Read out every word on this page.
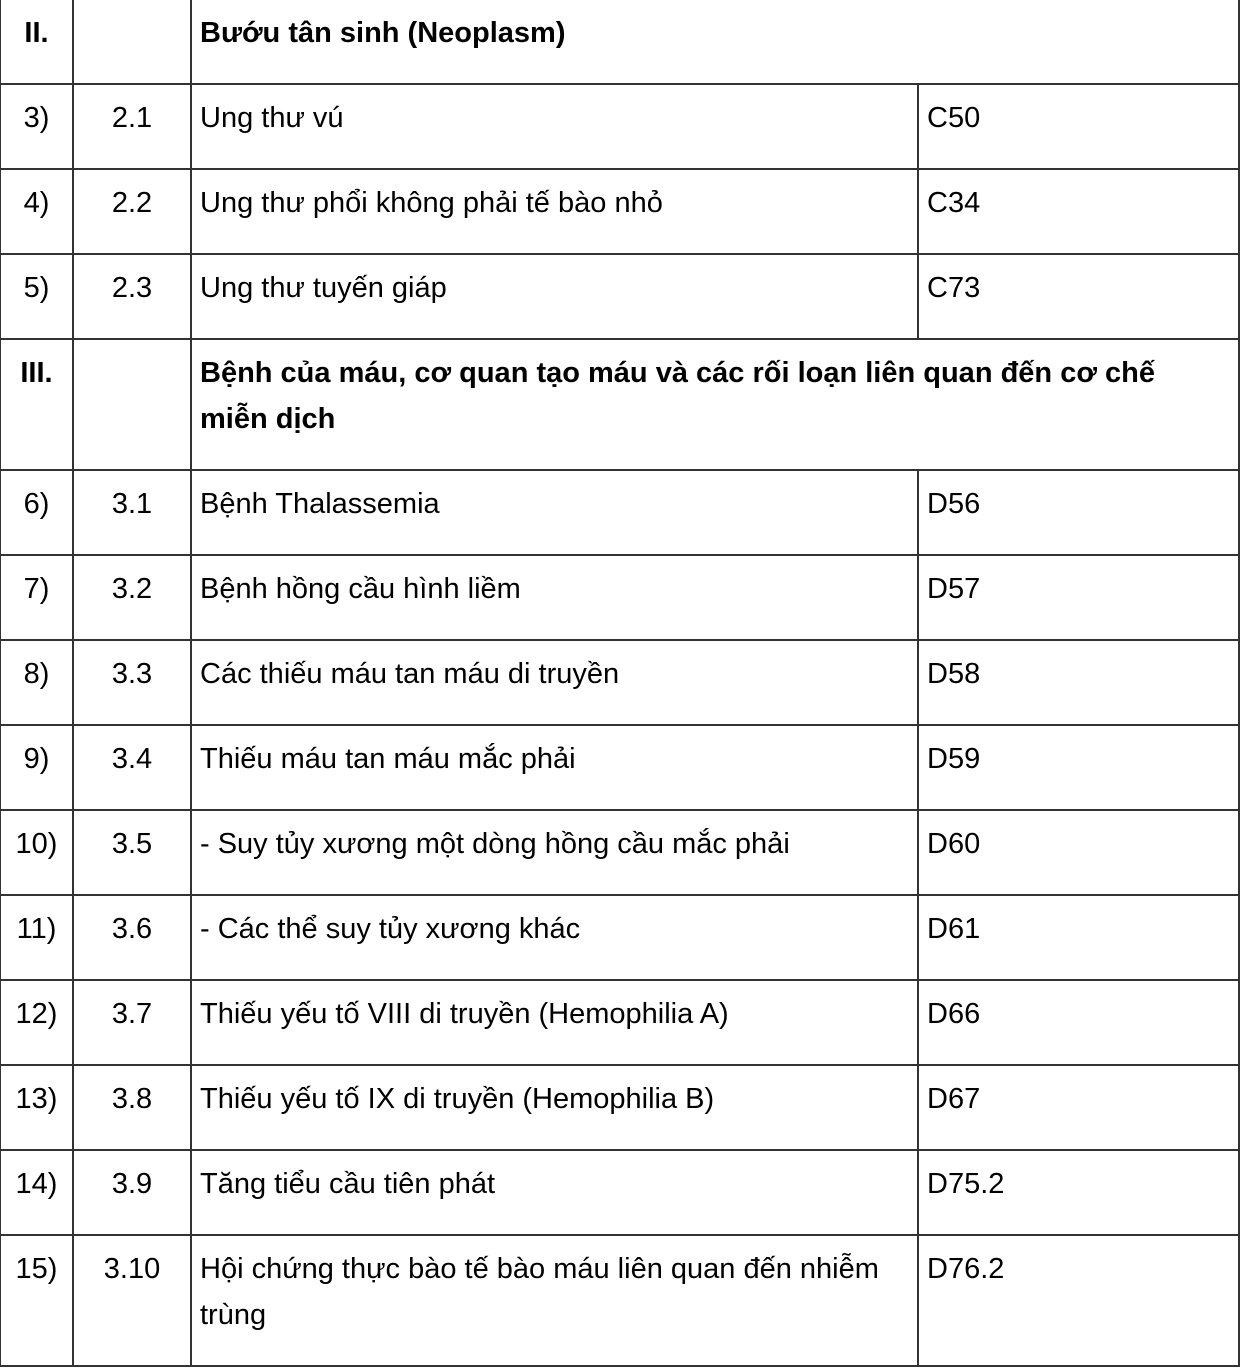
II.		Bướu tân sinh (Neoplasm)	
3)	2.1	Ung thư vú	C50
4)	2.2	Ung thư phổi không phải tế bào nhỏ	C34
5)	2.3	Ung thư tuyến giáp	C73
III.		Bệnh của máu, cơ quan tạo máu và các rối loạn liên quan đến cơ chế miễn dịch	
6)	3.1	Bệnh Thalassemia	D56
7)	3.2	Bệnh hồng cầu hình liềm	D57
8)	3.3	Các thiếu máu tan máu di truyền	D58
9)	3.4	Thiếu máu tan máu mắc phải	D59
10)	3.5	- Suy tủy xương một dòng hồng cầu mắc phải	D60
11)	3.6	- Các thể suy tủy xương khác	D61
12)	3.7	Thiếu yếu tố VIII di truyền (Hemophilia A)	D66
13)	3.8	Thiếu yếu tố IX di truyền (Hemophilia B)	D67
14)	3.9	Tăng tiểu cầu tiên phát	D75.2
15)	3.10	Hội chứng thực bào tế bào máu liên quan đến nhiễm trùng	D76.2
